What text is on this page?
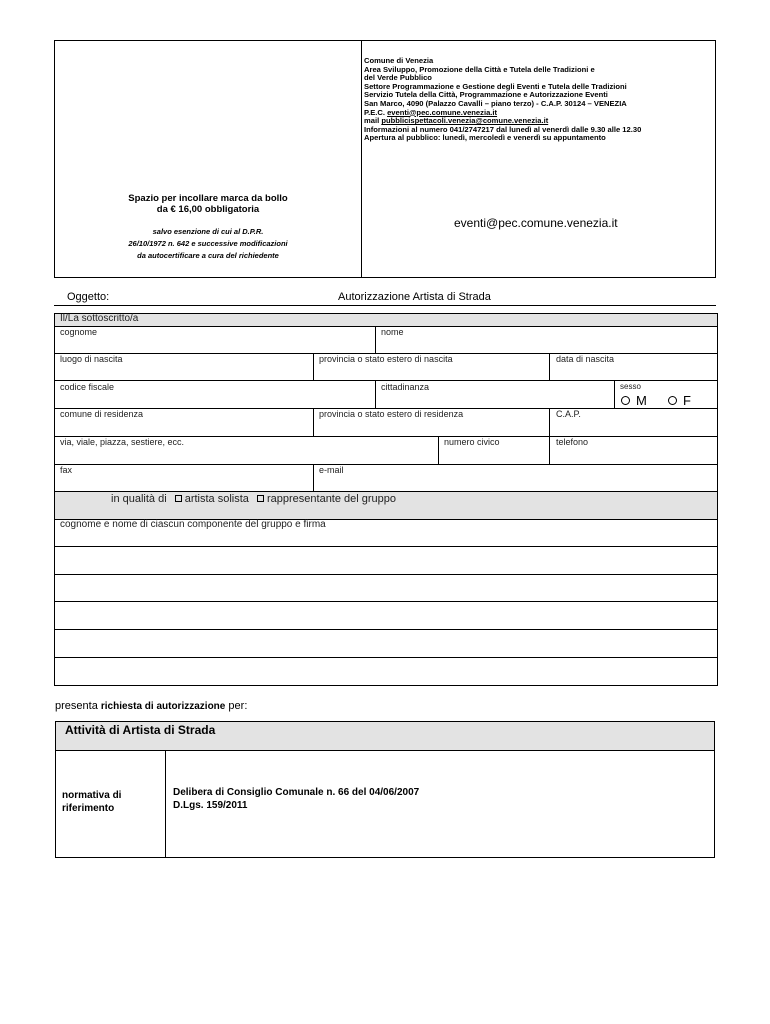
Spazio per incollare marca da bollo
da € 16,00 obbligatoria
salvo esenzione di cui al D.P.R.
26/10/1972 n. 642 e successive modificazioni
da autocertificare a cura del richiedente
Comune di Venezia
Area Sviluppo, Promozione della Città e Tutela delle Tradizioni e
del Verde Pubblico
Settore Programmazione e Gestione degli Eventi e Tutela delle Tradizioni
Servizio Tutela della Città, Programmazione e Autorizzazione Eventi
San Marco, 4090 (Palazzo Cavalli – piano terzo) - C.A.P. 30124 – VENEZIA
P.E.C. eventi@pec.comune.venezia.it
mail pubblicispettacoli.venezia@comune.venezia.it
Informazioni al numero 041/2747217 dal lunedì al venerdì dalle 9.30 alle 12.30
Apertura al pubblico: lunedì, mercoledì e venerdì su appuntamento
eventi@pec.comune.venezia.it
Oggetto:	Autorizzazione Artista di Strada
Il/La sottoscritto/a
cognome	nome
luogo di nascita	provincia o stato estero di nascita	data di nascita
codice fiscale	cittadinanza	sesso
M	F
comune di residenza	provincia o stato estero di residenza	C.A.P.
via, viale, piazza, sestiere, ecc.	numero civico	telefono
fax	e-mail
in qualità di artista solista rappresentante del gruppo
cognome e nome di ciascun componente del gruppo e firma
presenta richiesta di autorizzazione per:
Attività di Artista di Strada
normativa di
riferimento
Delibera di Consiglio Comunale n. 66 del 04/06/2007
D.Lgs. 159/2011
